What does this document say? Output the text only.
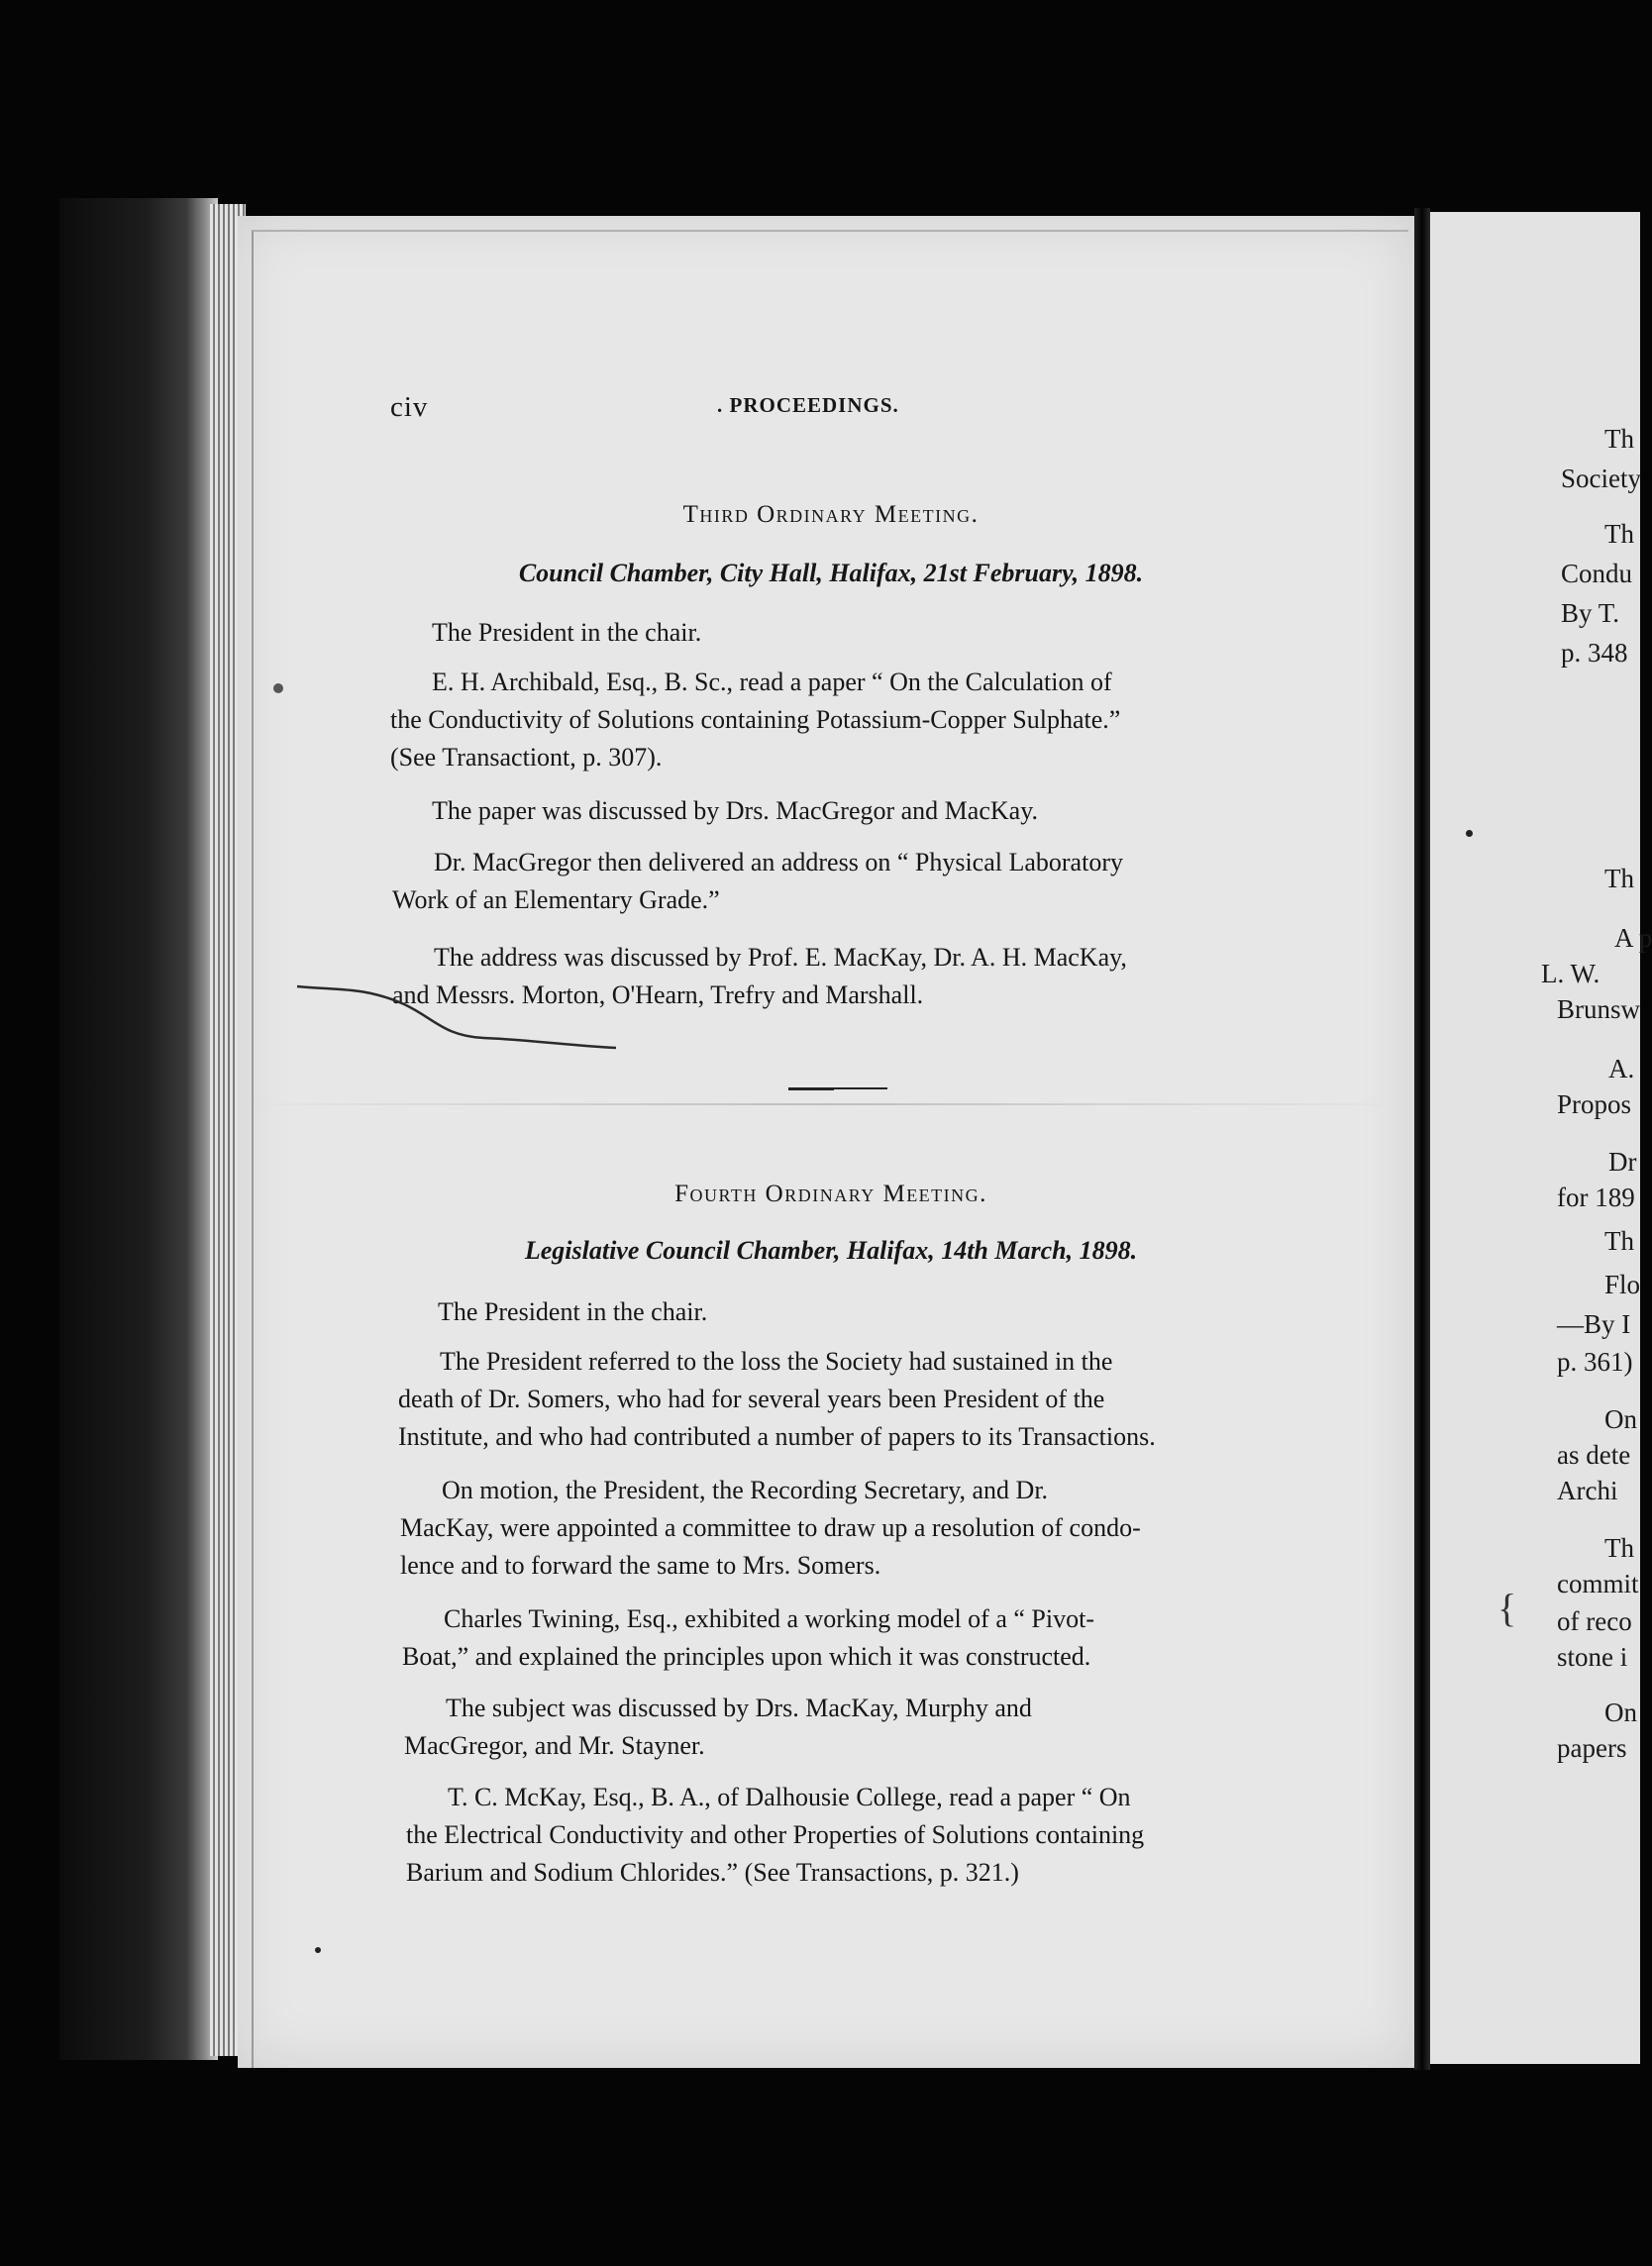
Th
Society
Th
Condu
By T.
p. 348
Th
A p
L. W.
Brunsw
A.
Propos
Dr
for 189
Th
Flo
—By I
p. 361)
On
as dete
Archi
Th
commit
of reco
stone i
On
papers
{
civ	. PROCEEDINGS.
Third Ordinary Meeting.
Council Chamber, City Hall, Halifax, 21st February, 1898.
The President in the chair.
E. H. Archibald, Esq., B. Sc., read a paper “ On the Calculation of
the Conductivity of Solutions containing Potassium-Copper Sulphate.”
(See Transactiont, p. 307).
The paper was discussed by Drs. MacGregor and MacKay.
Dr. MacGregor then delivered an address on “ Physical Laboratory
Work of an Elementary Grade.”
The address was discussed by Prof. E. MacKay, Dr. A. H. MacKay,
and Messrs. Morton, O'Hearn, Trefry and Marshall.
Fourth Ordinary Meeting.
Legislative Council Chamber, Halifax, 14th March, 1898.
The President in the chair.
The President referred to the loss the Society had sustained in the
death of Dr. Somers, who had for several years been President of the
Institute, and who had contributed a number of papers to its Transactions.
On motion, the President, the Recording Secretary, and Dr.
MacKay, were appointed a committee to draw up a resolution of condo-
lence and to forward the same to Mrs. Somers.
Charles Twining, Esq., exhibited a working model of a “ Pivot-
Boat,” and explained the principles upon which it was constructed.
The subject was discussed by Drs. MacKay, Murphy and
MacGregor, and Mr. Stayner.
T. C. McKay, Esq., B. A., of Dalhousie College, read a paper “ On
the Electrical Conductivity and other Properties of Solutions containing
Barium and Sodium Chlorides.” (See Transactions, p. 321.)
